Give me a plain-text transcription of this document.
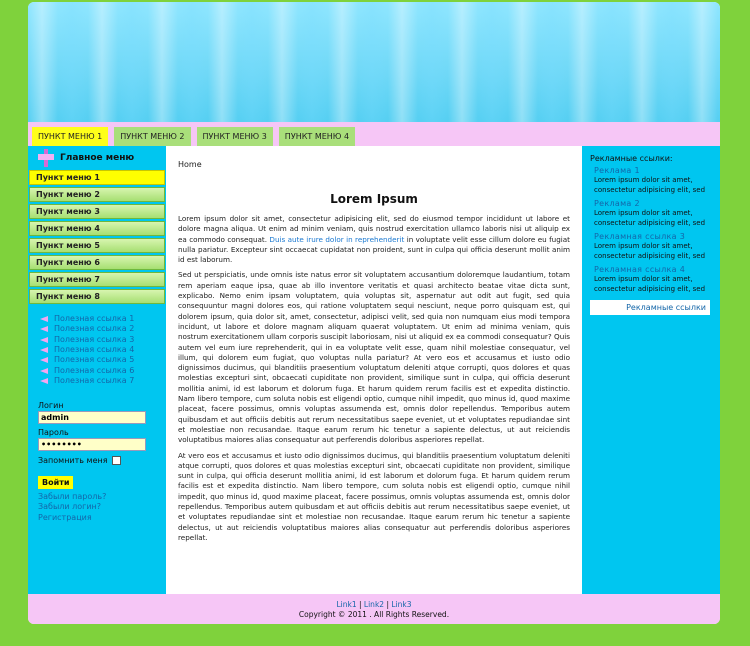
ПУНКТ МЕНЮ 1	ПУНКТ МЕНЮ 2	ПУНКТ МЕНЮ 3	ПУНКТ МЕНЮ 4
Главное меню
Пункт меню 1
Пункт меню 2
Пункт меню 3
Пункт меню 4
Пункт меню 5
Пункт меню 6
Пункт меню 7
Пункт меню 8
Полезная ссылка 1
Полезная ссылка 2
Полезная ссылка 3
Полезная ссылка 4
Полезная ссылка 5
Полезная ссылка 6
Полезная ссылка 7
Логин
admin
Пароль
••••••••
Запомнить меня
Войти
Забыли пароль?
Забыли логин?
Регистрация
Home
Lorem Ipsum

Lorem ipsum dolor sit amet, consectetur adipisicing elit, sed do eiusmod tempor incididunt ut labore et dolore magna aliqua. Ut enim ad minim veniam, quis nostrud exercitation ullamco laboris nisi ut aliquip ex ea commodo consequat. Duis aute irure dolor in reprehenderit in voluptate velit esse cillum dolore eu fugiat nulla pariatur. Excepteur sint occaecat cupidatat non proident, sunt in culpa qui officia deserunt mollit anim id est laborum.

Sed ut perspiciatis, unde omnis iste natus error sit voluptatem accusantium doloremque laudantium, totam rem aperiam eaque ipsa, quae ab illo inventore veritatis et quasi architecto beatae vitae dicta sunt, explicabo. Nemo enim ipsam voluptatem, quia voluptas sit, aspernatur aut odit aut fugit, sed quia consequuntur magni dolores eos, qui ratione voluptatem sequi nesciunt, neque porro quisquam est, qui dolorem ipsum, quia dolor sit, amet, consectetur, adipisci velit, sed quia non numquam eius modi tempora incidunt, ut labore et dolore magnam aliquam quaerat voluptatem. Ut enim ad minima veniam, quis nostrum exercitationem ullam corporis suscipit laboriosam, nisi ut aliquid ex ea commodi consequatur? Quis autem vel eum iure reprehenderit, qui in ea voluptate velit esse, quam nihil molestiae consequatur, vel illum, qui dolorem eum fugiat, quo voluptas nulla pariatur? At vero eos et accusamus et iusto odio dignissimos ducimus, qui blanditiis praesentium voluptatum deleniti atque corrupti, quos dolores et quas molestias excepturi sint, obcaecati cupiditate non provident, similique sunt in culpa, qui officia deserunt mollitia animi, id est laborum et dolorum fuga. Et harum quidem rerum facilis est et expedita distinctio. Nam libero tempore, cum soluta nobis est eligendi optio, cumque nihil impedit, quo minus id, quod maxime placeat, facere possimus, omnis voluptas assumenda est, omnis dolor repellendus. Temporibus autem quibusdam et aut officiis debitis aut rerum necessitatibus saepe eveniet, ut et voluptates repudiandae sint et molestiae non recusandae. Itaque earum rerum hic tenetur a sapiente delectus, ut aut reiciendis voluptatibus maiores alias consequatur aut perferendis doloribus asperiores repellat.

At vero eos et accusamus et iusto odio dignissimos ducimus, qui blanditiis praesentium voluptatum deleniti atque corrupti, quos dolores et quas molestias excepturi sint, obcaecati cupiditate non provident, similique sunt in culpa, qui officia deserunt mollitia animi, id est laborum et dolorum fuga. Et harum quidem rerum facilis est et expedita distinctio. Nam libero tempore, cum soluta nobis est eligendi optio, cumque nihil impedit, quo minus id, quod maxime placeat, facere possimus, omnis voluptas assumenda est, omnis dolor repellendus. Temporibus autem quibusdam et aut officiis debitis aut rerum necessitatibus saepe eveniet, ut et voluptates repudiandae sint et molestiae non recusandae. Itaque earum rerum hic tenetur a sapiente delectus, ut aut reiciendis voluptatibus maiores alias consequatur aut perferendis doloribus asperiores repellat.

Рекламные ссылки:
Реклама 1
Lorem ipsum dolor sit amet, consectetur adipisicing elit, sed
Реклама 2
Lorem ipsum dolor sit amet, consectetur adipisicing elit, sed
Рекламная ссылка 3
Lorem ipsum dolor sit amet, consectetur adipisicing elit, sed
Рекламная ссылка 4
Lorem ipsum dolor sit amet, consectetur adipisicing elit, sed
Рекламные ссылки
Link1 | Link2 | Link3
Copyright © 2011 . All Rights Reserved.
